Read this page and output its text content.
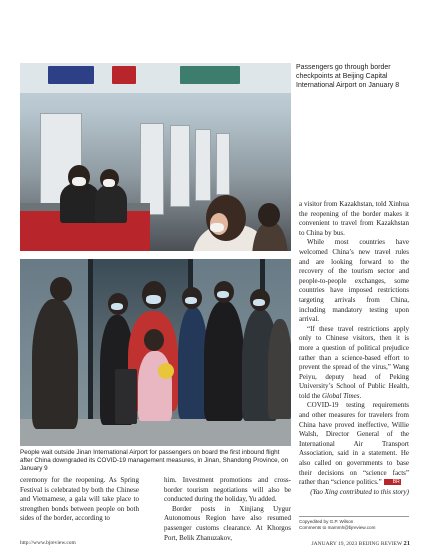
Passengers go through border checkpoints at Beijing Capital International Airport on January 8
People wait outside Jinan International Airport for passengers on board the first inbound flight after China downgraded its COVID-19 management measures, in Jinan, Shandong Province, on January 9

a visitor from Kazakhstan, told Xinhua the reopening of the border makes it convenient to travel from Kazakhstan to China by bus.

While most countries have welcomed China’s new travel rules and are looking forward to the recovery of the tourism sector and people-to-people exchanges, some countries have imposed restrictions targeting arrivals from China, including mandatory testing upon arrival.

“If these travel restrictions apply only to Chinese visitors, then it is more a question of political prejudice rather than a science-based effort to prevent the spread of the virus,” Wang Peiyu, deputy head of Peking University’s School of Public Health, told the Global Times.

COVID-19 testing requirements and other measures for travelers from China have proved ineffective, Willie Walsh, Director General of the International Air Transport Association, said in a statement. He also called on governments to base their decisions on “science facts” rather than “science politics.” BR

(Yao Xing contributed to this story)

ceremony for the reopening. As Spring Festival is celebrated by both the Chinese and Vietnamese, a gala will take place to strengthen bonds between people on both sides of the border, according to

him. Investment promotions and cross-border tourism negotiations will also be conducted during the holiday, Yu added.

Border posts in Xinjiang Uygur Autonomous Region have also resumed passenger customs clearance. At Khorgos Port, Belik Zhanuzakov,

Copyedited by G.P. Wilson
Comments to mammh@bjreview.com
http://www.bjreview.com	JANUARY 19, 2023 BEIJING REVIEW 21
